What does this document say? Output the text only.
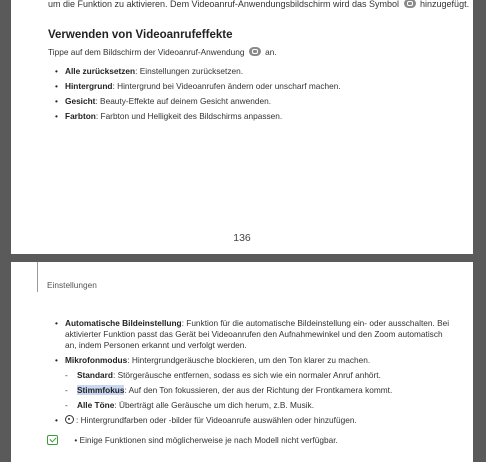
um die Funktion zu aktivieren. Dem Videoanruf-Anwendungsbildschirm wird das Symbol hinzugefügt.
Verwenden von Videoanrufeffekte
Tippe auf dem Bildschirm der Videoanruf-Anwendung an.
• Alle zurücksetzen: Einstellungen zurücksetzen.
• Hintergrund: Hintergrund bei Videoanrufen ändern oder unscharf machen.
• Gesicht: Beauty-Effekte auf deinem Gesicht anwenden.
• Farbton: Farbton und Helligkeit des Bildschirms anpassen.
136
Einstellungen
• Automatische Bildeinstellung: Funktion für die automatische Bildeinstellung ein- oder ausschalten. Bei aktivierter Funktion passt das Gerät bei Videoanrufen den Aufnahmewinkel und den Zoom automatisch an, indem Personen erkannt und verfolgt werden.
• Mikrofonmodus: Hintergrundgeräusche blockieren, um den Ton klarer zu machen.
- Standard: Störgeräusche entfernen, sodass es sich wie ein normaler Anruf anhört.
- Stimmfokus: Auf den Ton fokussieren, der aus der Richtung der Frontkamera kommt.
- Alle Töne: Überträgt alle Geräusche um dich herum, z.B. Musik.
• : Hintergrundfarben oder -bilder für Videoanrufe auswählen oder hinzufügen.
• Einige Funktionen sind möglicherweise je nach Modell nicht verfügbar.
